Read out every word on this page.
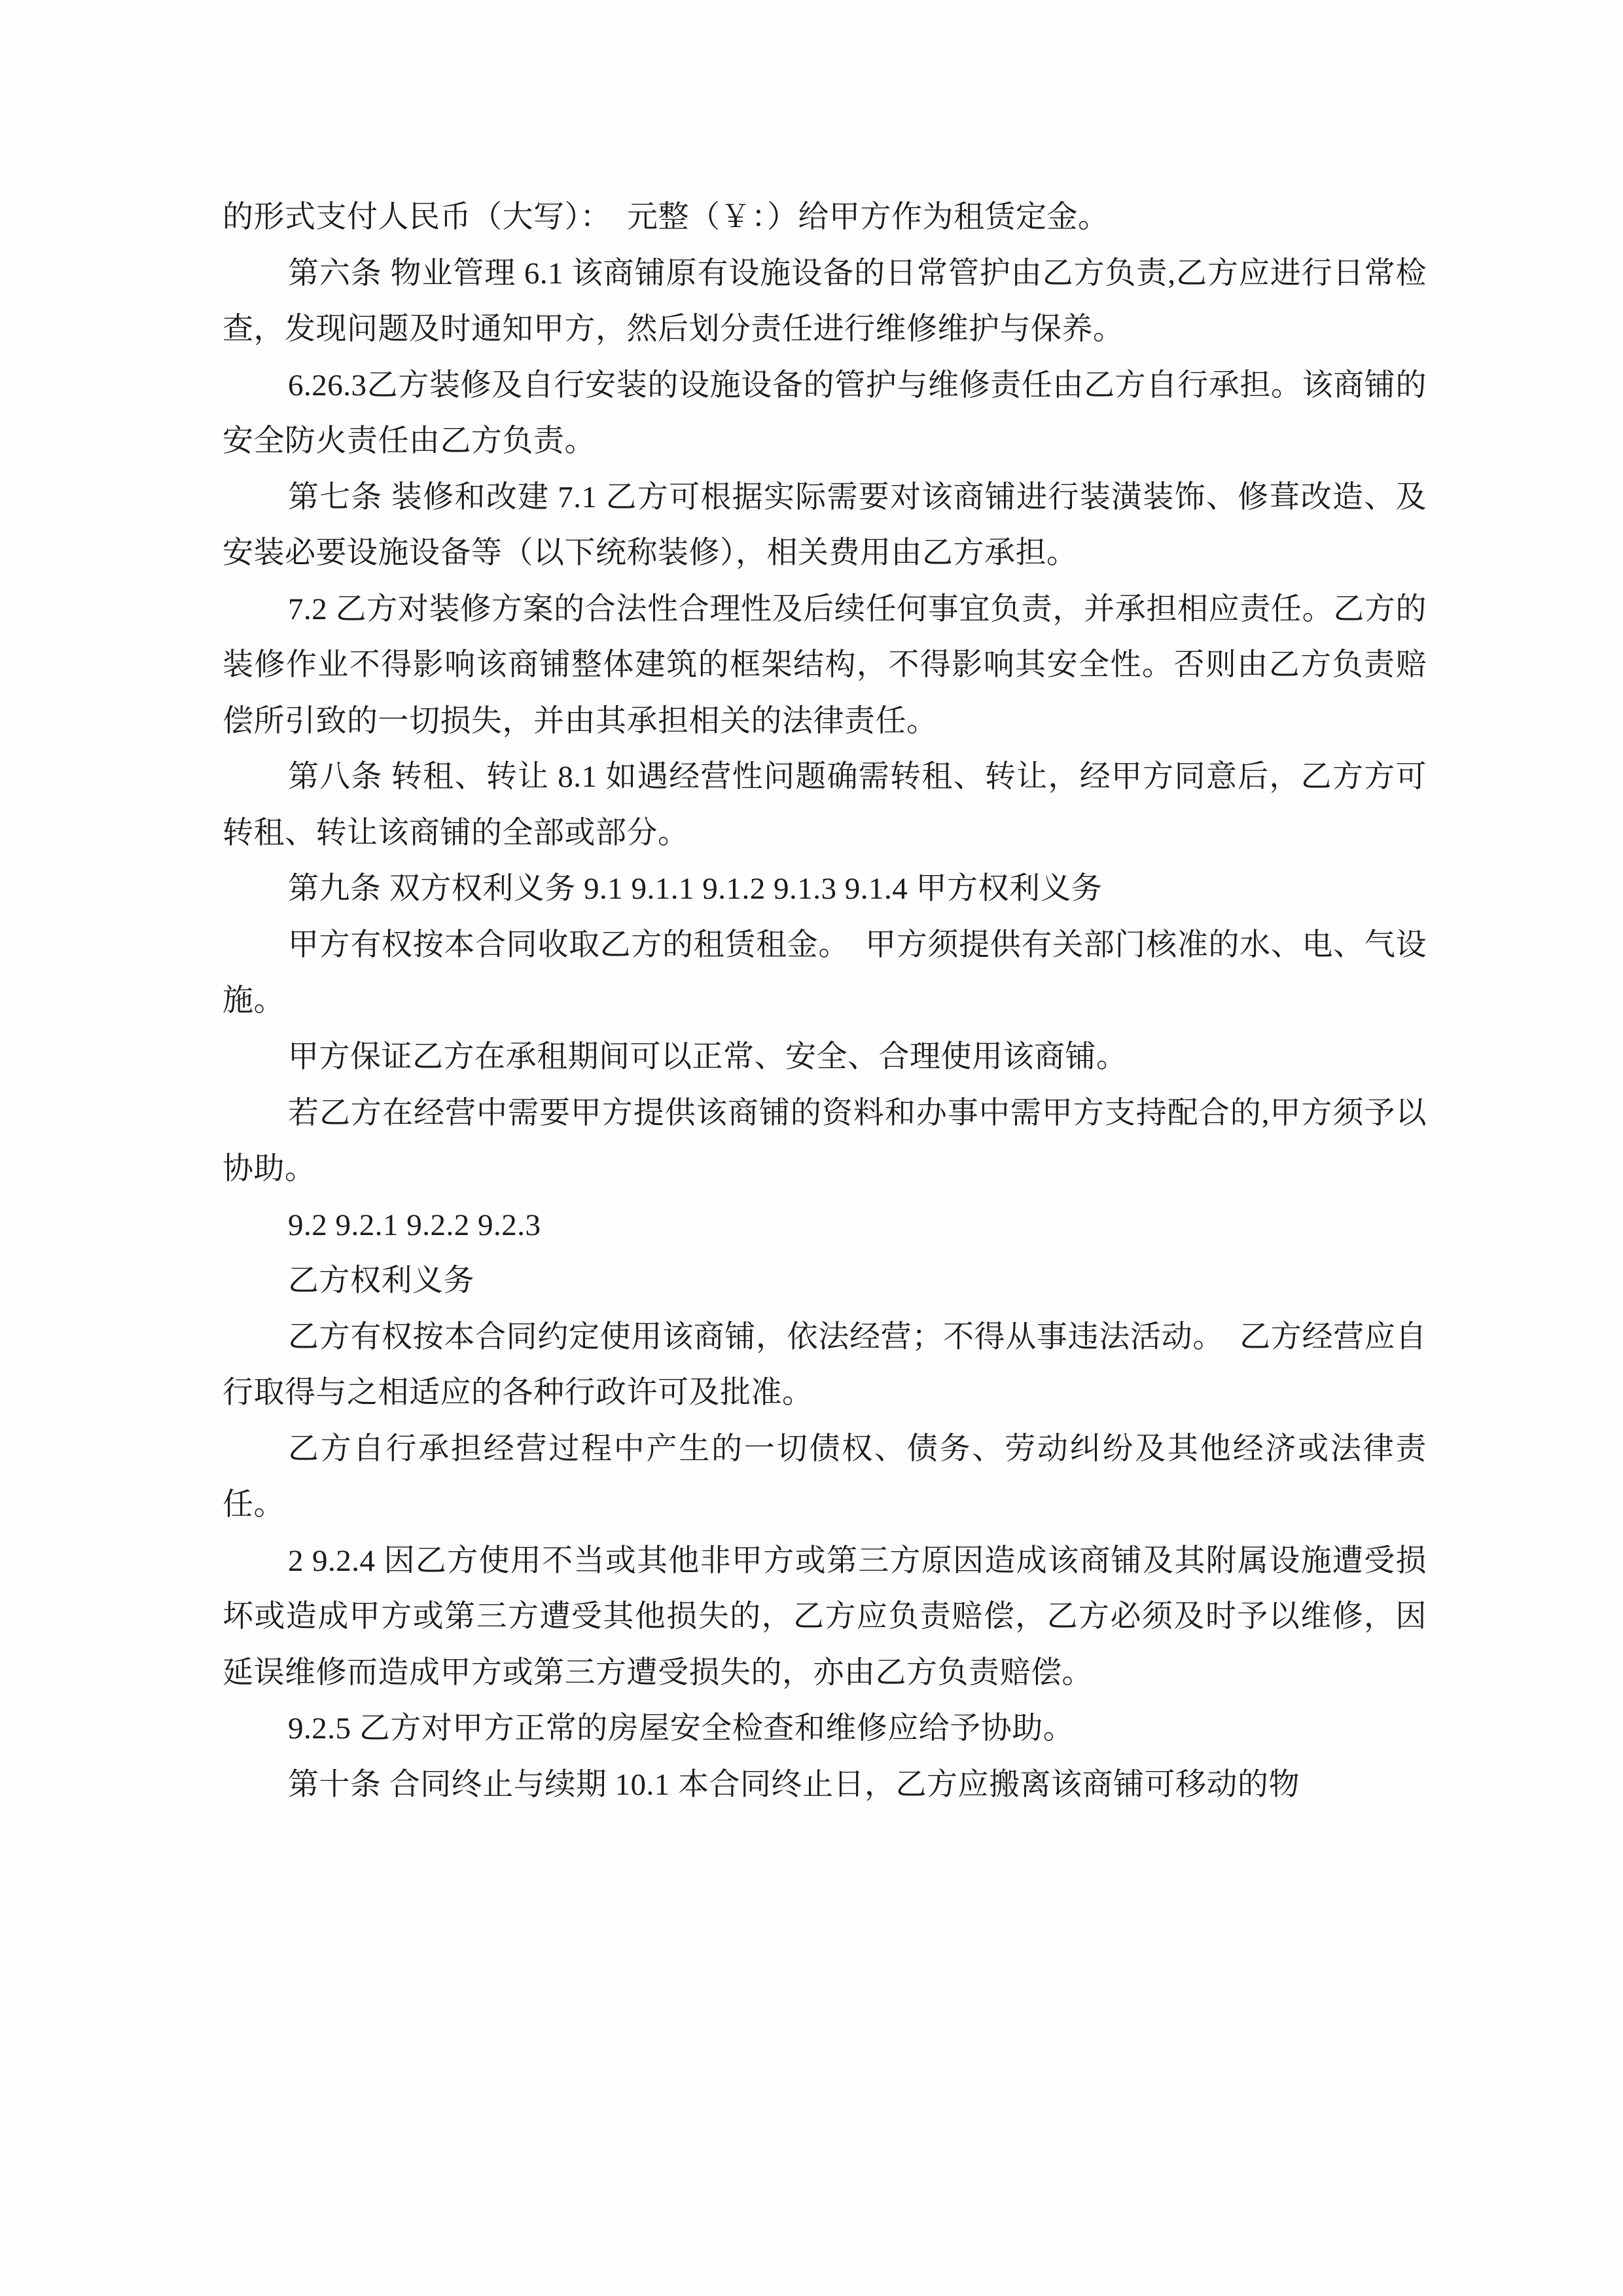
的形式支付人民币（大写）：　元整（￥：）给甲方作为租赁定金。

第六条 物业管理 6.1 该商铺原有设施设备的日常管护由乙方负责,乙方应进行日常检查，发现问题及时通知甲方，然后划分责任进行维修维护与保养。

6.26.3乙方装修及自行安装的设施设备的管护与维修责任由乙方自行承担。该商铺的安全防火责任由乙方负责。

第七条 装修和改建 7.1 乙方可根据实际需要对该商铺进行装潢装饰、修葺改造、及安装必要设施设备等（以下统称装修），相关费用由乙方承担。

7.2 乙方对装修方案的合法性合理性及后续任何事宜负责，并承担相应责任。乙方的装修作业不得影响该商铺整体建筑的框架结构，不得影响其安全性。否则由乙方负责赔偿所引致的一切损失，并由其承担相关的法律责任。

第八条 转租、转让 8.1 如遇经营性问题确需转租、转让，经甲方同意后，乙方方可转租、转让该商铺的全部或部分。

第九条 双方权利义务 9.1 9.1.1 9.1.2 9.1.3 9.1.4 甲方权利义务

甲方有权按本合同收取乙方的租赁租金。　甲方须提供有关部门核准的水、电、气设施。

甲方保证乙方在承租期间可以正常、安全、合理使用该商铺。

若乙方在经营中需要甲方提供该商铺的资料和办事中需甲方支持配合的,甲方须予以协助。

9.2 9.2.1 9.2.2 9.2.3

乙方权利义务

乙方有权按本合同约定使用该商铺，依法经营；不得从事违法活动。　乙方经营应自行取得与之相适应的各种行政许可及批准。

乙方自行承担经营过程中产生的一切债权、债务、劳动纠纷及其他经济或法律责任。

2 9.2.4 因乙方使用不当或其他非甲方或第三方原因造成该商铺及其附属设施遭受损坏或造成甲方或第三方遭受其他损失的，乙方应负责赔偿，乙方必须及时予以维修，因延误维修而造成甲方或第三方遭受损失的，亦由乙方负责赔偿。

9.2.5 乙方对甲方正常的房屋安全检查和维修应给予协助。

第十条 合同终止与续期 10.1 本合同终止日，乙方应搬离该商铺可移动的物
